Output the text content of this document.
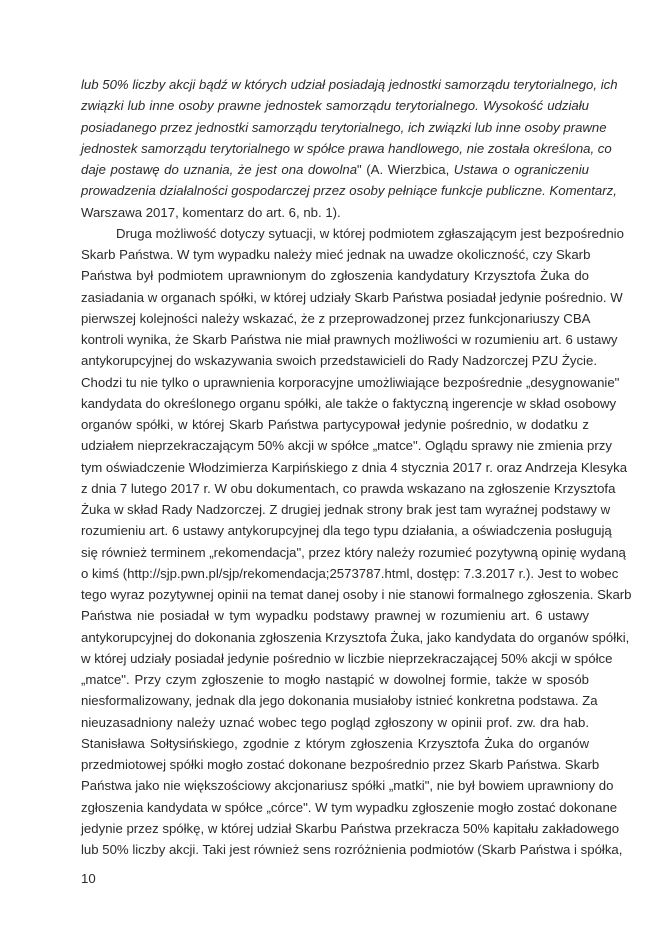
lub 50% liczby akcji bądź w których udział posiadają jednostki samorządu terytorialnego, ich
związki lub inne osoby prawne jednostek samorządu terytorialnego. Wysokość udziału
posiadanego przez jednostki samorządu terytorialnego, ich związki lub inne osoby prawne
jednostek samorządu terytorialnego w spółce prawa handlowego, nie została określona, co
daje postawę do uznania, że jest ona dowolna" (A. Wierzbica, Ustawa o ograniczeniu
prowadzenia działalności gospodarczej przez osoby pełniące funkcje publiczne. Komentarz,
Warszawa 2017, komentarz do art. 6, nb. 1).
Druga możliwość dotyczy sytuacji, w której podmiotem zgłaszającym jest bezpośrednio
Skarb Państwa. W tym wypadku należy mieć jednak na uwadze okoliczność, czy Skarb
Państwa był podmiotem uprawnionym do zgłoszenia kandydatury Krzysztofa Żuka do
zasiadania w organach spółki, w której udziały Skarb Państwa posiadał jedynie pośrednio. W
pierwszej kolejności należy wskazać, że z przeprowadzonej przez funkcjonariuszy CBA
kontroli wynika, że Skarb Państwa nie miał prawnych możliwości w rozumieniu art. 6 ustawy
antykorupcyjnej do wskazywania swoich przedstawicieli do Rady Nadzorczej PZU Życie.
Chodzi tu nie tylko o uprawnienia korporacyjne umożliwiające bezpośrednie „desygnowanie"
kandydata do określonego organu spółki, ale także o faktyczną ingerencje w skład osobowy
organów spółki, w której Skarb Państwa partycypował jedynie pośrednio, w dodatku z
udziałem nieprzekraczającym 50% akcji w spółce „matce". Oglądu sprawy nie zmienia przy
tym oświadczenie Włodzimierza Karpińskiego z dnia 4 stycznia 2017 r. oraz Andrzeja Klesyka
z dnia 7 lutego 2017 r. W obu dokumentach, co prawda wskazano na zgłoszenie Krzysztofa
Żuka w skład Rady Nadzorczej. Z drugiej jednak strony brak jest tam wyraźnej podstawy w
rozumieniu art. 6 ustawy antykorupcyjnej dla tego typu działania, a oświadczenia posługują
się również terminem „rekomendacja", przez który należy rozumieć pozytywną opinię wydaną
o kimś (http://sjp.pwn.pl/sjp/rekomendacja;2573787.html, dostęp: 7.3.2017 r.). Jest to wobec
tego wyraz pozytywnej opinii na temat danej osoby i nie stanowi formalnego zgłoszenia. Skarb
Państwa nie posiadał w tym wypadku podstawy prawnej w rozumieniu art. 6 ustawy
antykorupcyjnej do dokonania zgłoszenia Krzysztofa Żuka, jako kandydata do organów spółki,
w której udziały posiadał jedynie pośrednio w liczbie nieprzekraczającej 50% akcji w spółce
„matce". Przy czym zgłoszenie to mogło nastąpić w dowolnej formie, także w sposób
niesformalizowany, jednak dla jego dokonania musiałoby istnieć konkretna podstawa. Za
nieuzasadniony należy uznać wobec tego pogląd zgłoszony w opinii prof. zw. dra hab.
Stanisława Sołtysińskiego, zgodnie z którym zgłoszenia Krzysztofa Żuka do organów
przedmiotowej spółki mogło zostać dokonane bezpośrednio przez Skarb Państwa. Skarb
Państwa jako nie większościowy akcjonariusz spółki „matki", nie był bowiem uprawniony do
zgłoszenia kandydata w spółce „córce". W tym wypadku zgłoszenie mogło zostać dokonane
jedynie przez spółkę, w której udział Skarbu Państwa przekracza 50% kapitału zakładowego
lub 50% liczby akcji. Taki jest również sens rozróżnienia podmiotów (Skarb Państwa i spółka,
10
